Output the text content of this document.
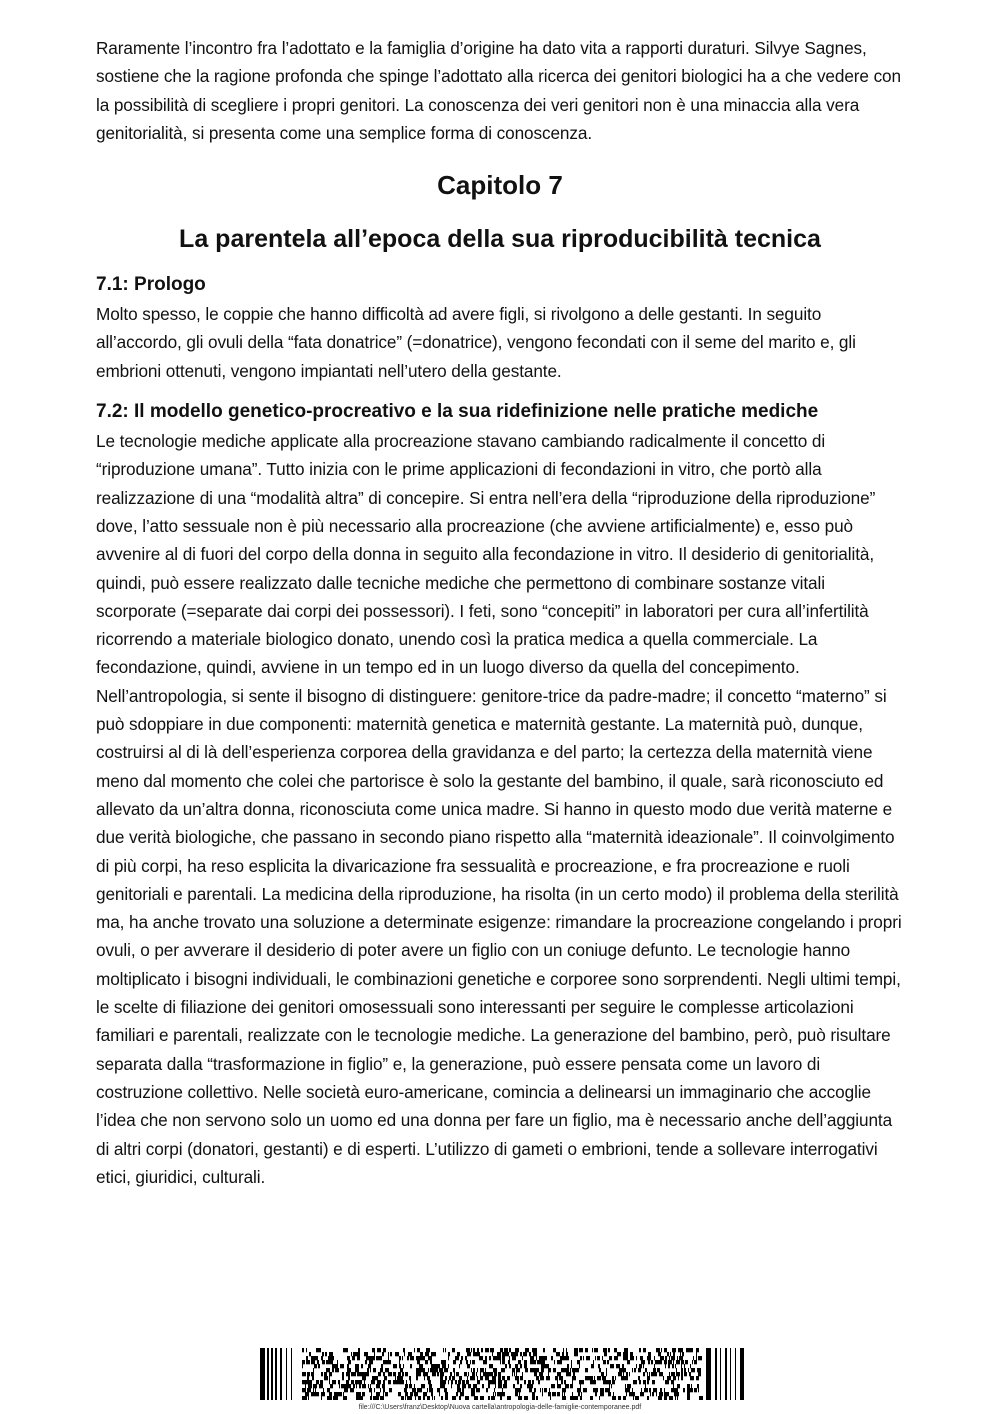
Raramente l’incontro fra l’adottato e la famiglia d’origine ha dato vita a rapporti duraturi. Silvye Sagnes, sostiene che la ragione profonda che spinge l’adottato alla ricerca dei genitori biologici ha a che vedere con la possibilità di scegliere i propri genitori. La conoscenza dei veri genitori non è una minaccia alla vera genitorialità, si presenta come una semplice forma di conoscenza.

Capitolo 7
La parentela all’epoca della sua riproducibilità tecnica
7.1: Prologo

Molto spesso, le coppie che hanno difficoltà ad avere figli, si rivolgono a delle gestanti. In seguito all’accordo, gli ovuli della “fata donatrice” (=donatrice), vengono fecondati con il seme del marito e, gli embrioni ottenuti, vengono impiantati nell’utero della gestante.

7.2: Il modello genetico-procreativo e la sua ridefinizione nelle pratiche mediche

Le tecnologie mediche applicate alla procreazione stavano cambiando radicalmente il concetto di “riproduzione umana”. Tutto inizia con le prime applicazioni di fecondazioni in vitro, che portò alla realizzazione di una “modalità altra” di concepire. Si entra nell’era della “riproduzione della riproduzione” dove, l’atto sessuale non è più necessario alla procreazione (che avviene artificialmente) e, esso può avvenire al di fuori del corpo della donna in seguito alla fecondazione in vitro. Il desiderio di genitorialità, quindi, può essere realizzato dalle tecniche mediche che permettono di combinare sostanze vitali scorporate (=separate dai corpi dei possessori). I feti, sono “concepiti” in laboratori per cura all’infertilità ricorrendo a materiale biologico donato, unendo così la pratica medica a quella commerciale. La fecondazione, quindi, avviene in un tempo ed in un luogo diverso da quella del concepimento. Nell’antropologia, si sente il bisogno di distinguere: genitore-trice da padre-madre; il concetto “materno” si può sdoppiare in due componenti: maternità genetica e maternità gestante. La maternità può, dunque, costruirsi al di là dell’esperienza corporea della gravidanza e del parto; la certezza della maternità viene meno dal momento che colei che partorisce è solo la gestante del bambino, il quale, sarà riconosciuto ed allevato da un’altra donna, riconosciuta come unica madre. Si hanno in questo modo due verità materne e due verità biologiche, che passano in secondo piano rispetto alla “maternità ideazionale”. Il coinvolgimento di più corpi, ha reso esplicita la divaricazione fra sessualità e procreazione, e fra procreazione e ruoli genitoriali e parentali. La medicina della riproduzione, ha risolta (in un certo modo) il problema della sterilità ma, ha anche trovato una soluzione a determinate esigenze: rimandare la procreazione congelando i propri ovuli, o per avverare il desiderio di poter avere un figlio con un coniuge defunto. Le tecnologie hanno moltiplicato i bisogni individuali, le combinazioni genetiche e corporee sono sorprendenti. Negli ultimi tempi, le scelte di filiazione dei genitori omosessuali sono interessanti per seguire le complesse articolazioni familiari e parentali, realizzate con le tecnologie mediche. La generazione del bambino, però, può risultare separata dalla “trasformazione in figlio” e, la generazione, può essere pensata come un lavoro di costruzione collettivo. Nelle società euro-americane, comincia a delinearsi un immaginario che accoglie l’idea che non servono solo un uomo ed una donna per fare un figlio, ma è necessario anche dell’aggiunta di altri corpi (donatori, gestanti) e di esperti. L’utilizzo di gameti o embrioni, tende a sollevare interrogativi etici, giuridici, culturali.

file:///C:\Users\franz\Desktop\Nuova cartella\antropologia-delle-famiglie-contemporanee.pdf
